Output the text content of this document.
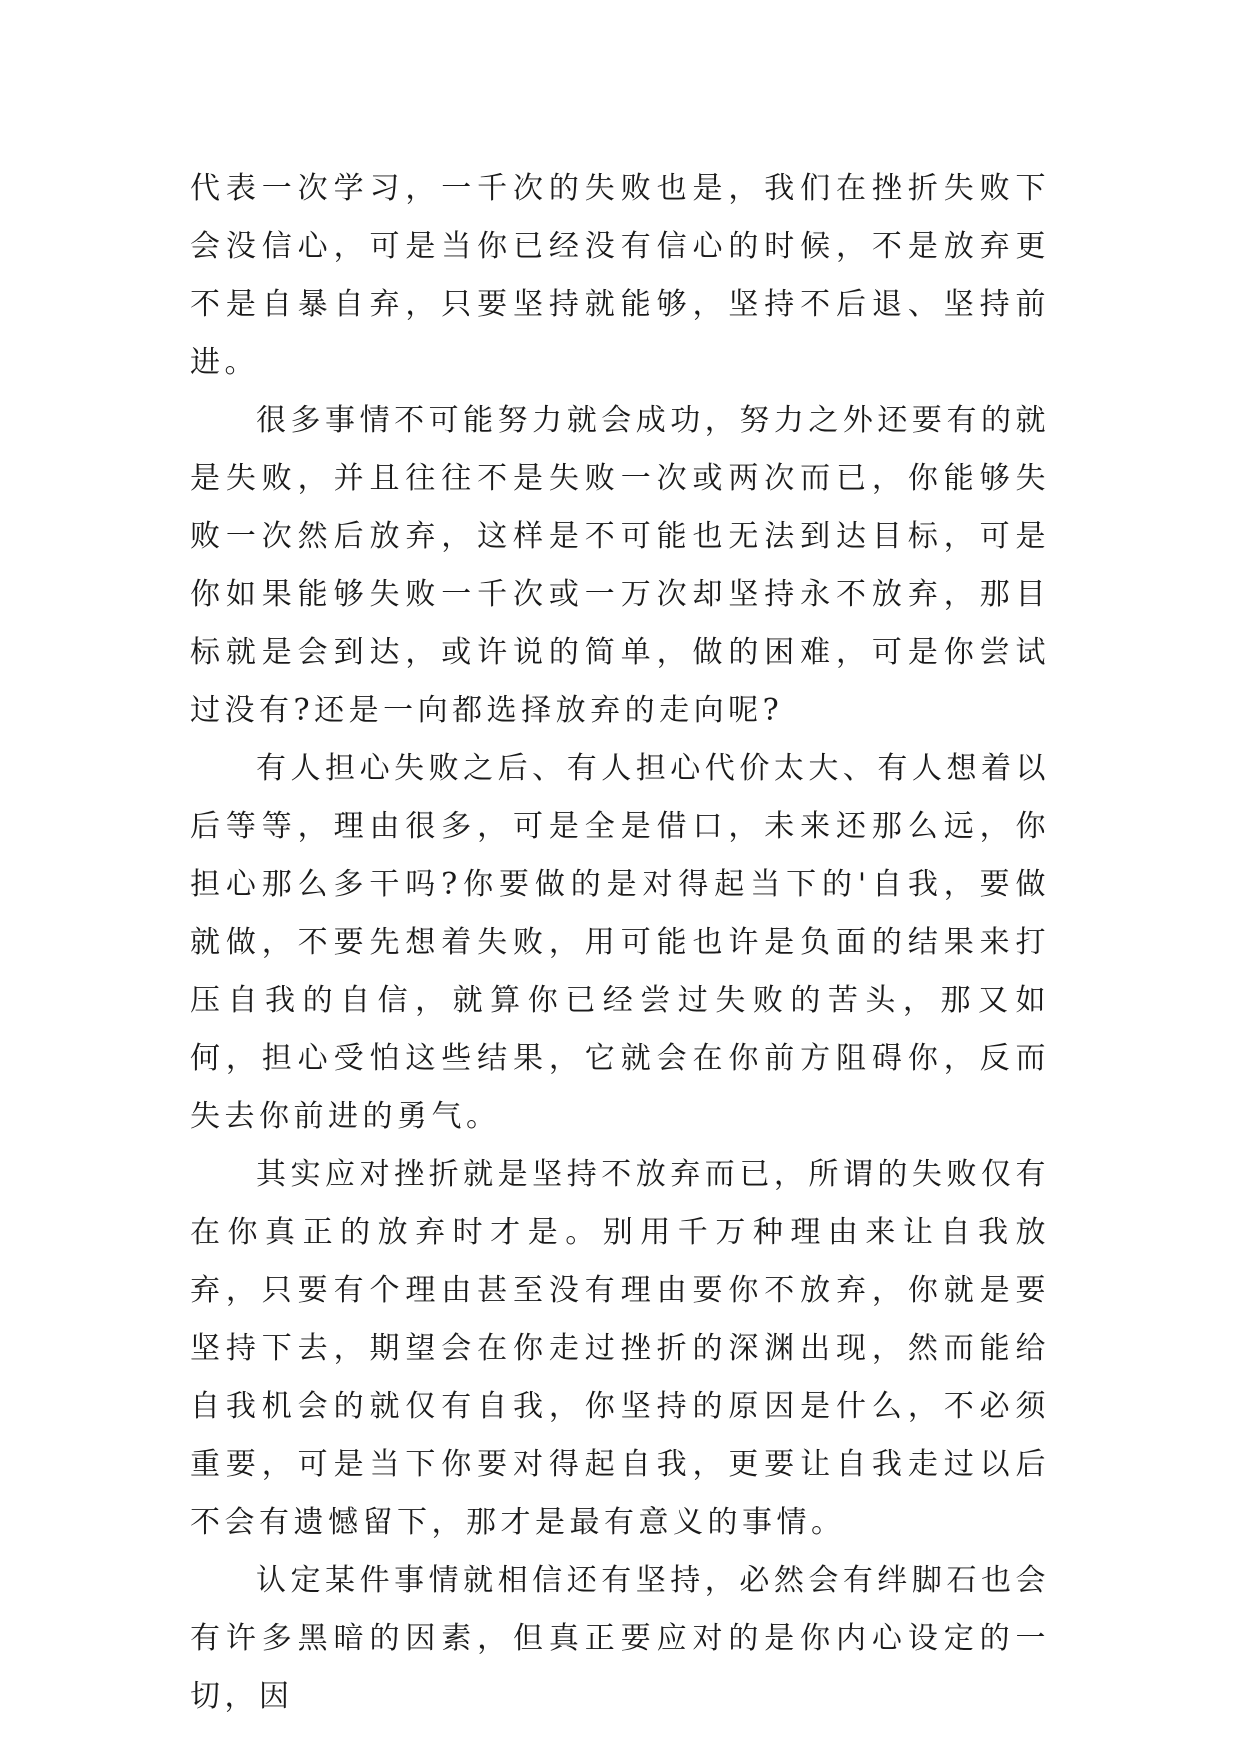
代表一次学习，一千次的失败也是，我们在挫折失败下会没信心，可是当你已经没有信心的时候，不是放弃更不是自暴自弃，只要坚持就能够，坚持不后退、坚持前进。

很多事情不可能努力就会成功，努力之外还要有的就是失败，并且往往不是失败一次或两次而已，你能够失败一次然后放弃，这样是不可能也无法到达目标，可是你如果能够失败一千次或一万次却坚持永不放弃，那目标就是会到达，或许说的简单，做的困难，可是你尝试过没有?还是一向都选择放弃的走向呢?

有人担心失败之后、有人担心代价太大、有人想着以后等等，理由很多，可是全是借口，未来还那么远，你担心那么多干吗?你要做的是对得起当下的'自我，要做就做，不要先想着失败，用可能也许是负面的结果来打压自我的自信，就算你已经尝过失败的苦头，那又如何，担心受怕这些结果，它就会在你前方阻碍你，反而失去你前进的勇气。

其实应对挫折就是坚持不放弃而已，所谓的失败仅有在你真正的放弃时才是。别用千万种理由来让自我放弃，只要有个理由甚至没有理由要你不放弃，你就是要坚持下去，期望会在你走过挫折的深渊出现，然而能给自我机会的就仅有自我，你坚持的原因是什么，不必须重要，可是当下你要对得起自我，更要让自我走过以后不会有遗憾留下，那才是最有意义的事情。

认定某件事情就相信还有坚持，必然会有绊脚石也会有许多黑暗的因素，但真正要应对的是你内心设定的一切，因
